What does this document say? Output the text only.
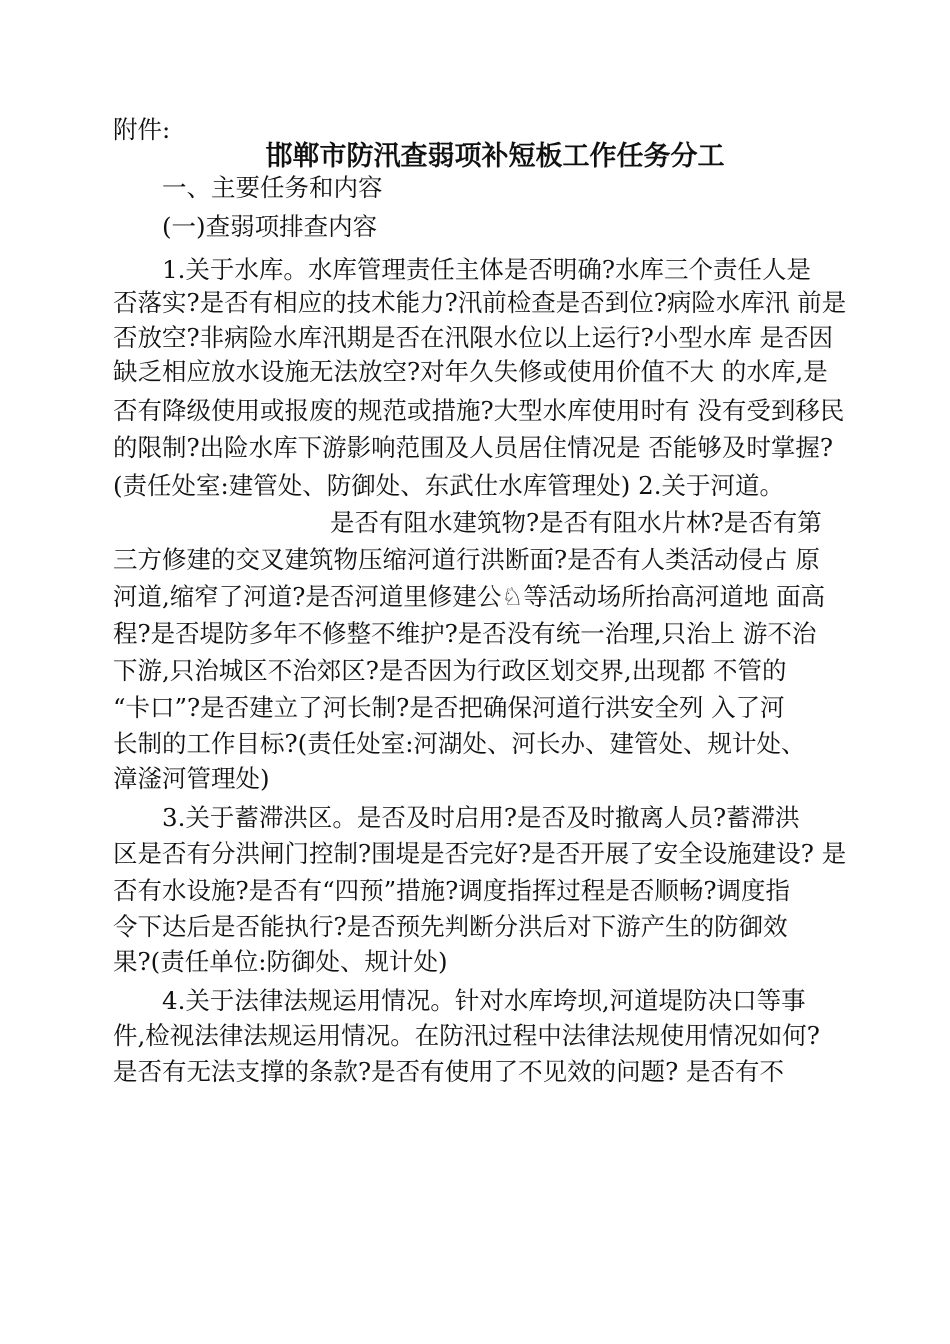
附件:
邯郸市防汛查弱项补短板工作任务分工
一、主要任务和内容
(一)查弱项排查内容
1.关于水库。水库管理责任主体是否明确?水库三个责任人是
否落实?是否有相应的技术能力?汛前检查是否到位?病险水库汛 前是
否放空?非病险水库汛期是否在汛限水位以上运行?小型水库 是否因
缺乏相应放水设施无法放空?对年久失修或使用价值不大 的水库,是
否有降级使用或报废的规范或措施?大型水库使用时有 没有受到移民
的限制?出险水库下游影响范围及人员居住情况是 否能够及时掌握?
(责任处室:建管处、防御处、东武仕水库管理处) 2.关于河道。
是否有阻水建筑物?是否有阻水片林?是否有第
三方修建的交叉建筑物压缩河道行洪断面?是否有人类活动侵占 原
河道,缩窄了河道?是否河道里修建公♘等活动场所抬高河道地 面高
程?是否堤防多年不修整不维护?是否没有统一治理,只治上 游不治
下游,只治城区不治郊区?是否因为行政区划交界,出现都 不管的
“卡口”?是否建立了河长制?是否把确保河道行洪安全列 入了河
长制的工作目标?(责任处室:河湖处、河长办、建管处、规计处、
漳滏河管理处)
3.关于蓄滞洪区。是否及时启用?是否及时撤离人员?蓄滞洪
区是否有分洪闸门控制?围堤是否完好?是否开展了安全设施建设? 是
否有水设施?是否有“四预”措施?调度指挥过程是否顺畅?调度指
令下达后是否能执行?是否预先判断分洪后对下游产生的防御效
果?(责任单位:防御处、规计处)
4.关于法律法规运用情况。针对水库垮坝,河道堤防决口等事
件,检视法律法规运用情况。在防汛过程中法律法规使用情况如何?
是否有无法支撑的条款?是否有使用了不见效的问题? 是否有不
